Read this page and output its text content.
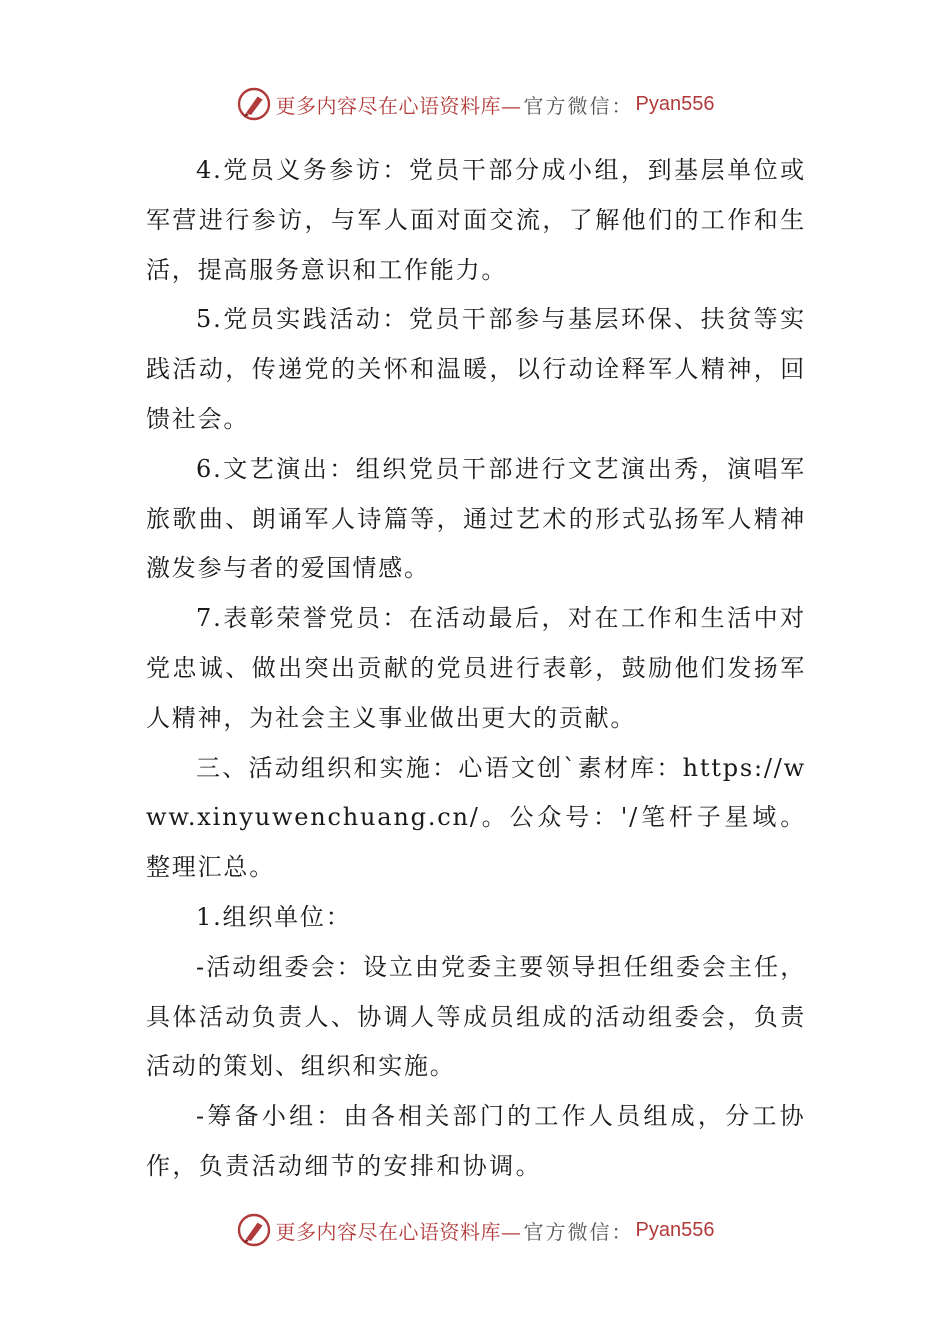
更多内容尽在心语资料库— 官方微信： Pyan556

4.党员义务参访：党员干部分成小组，到基层单位或军营进行参访，与军人面对面交流，了解他们的工作和生活，提高服务意识和工作能力。

5.党员实践活动：党员干部参与基层环保、扶贫等实践活动，传递党的关怀和温暖，以行动诠释军人精神，回馈社会。

6.文艺演出：组织党员干部进行文艺演出秀，演唱军旅歌曲、朗诵军人诗篇等，通过艺术的形式弘扬军人精神激发参与者的爱国情感。

7.表彰荣誉党员：在活动最后，对在工作和生活中对党忠诚、做出突出贡献的党员进行表彰，鼓励他们发扬军人精神，为社会主义事业做出更大的贡献。

三、活动组织和实施：心语文创`素材库：https://www.xinyuwenchuang.cn/。公众号：'/笔杆子星域。整理汇总。

1.组织单位：

-活动组委会：设立由党委主要领导担任组委会主任，具体活动负责人、协调人等成员组成的活动组委会，负责活动的策划、组织和实施。

-筹备小组：由各相关部门的工作人员组成，分工协作，负责活动细节的安排和协调。

更多内容尽在心语资料库— 官方微信： Pyan556
